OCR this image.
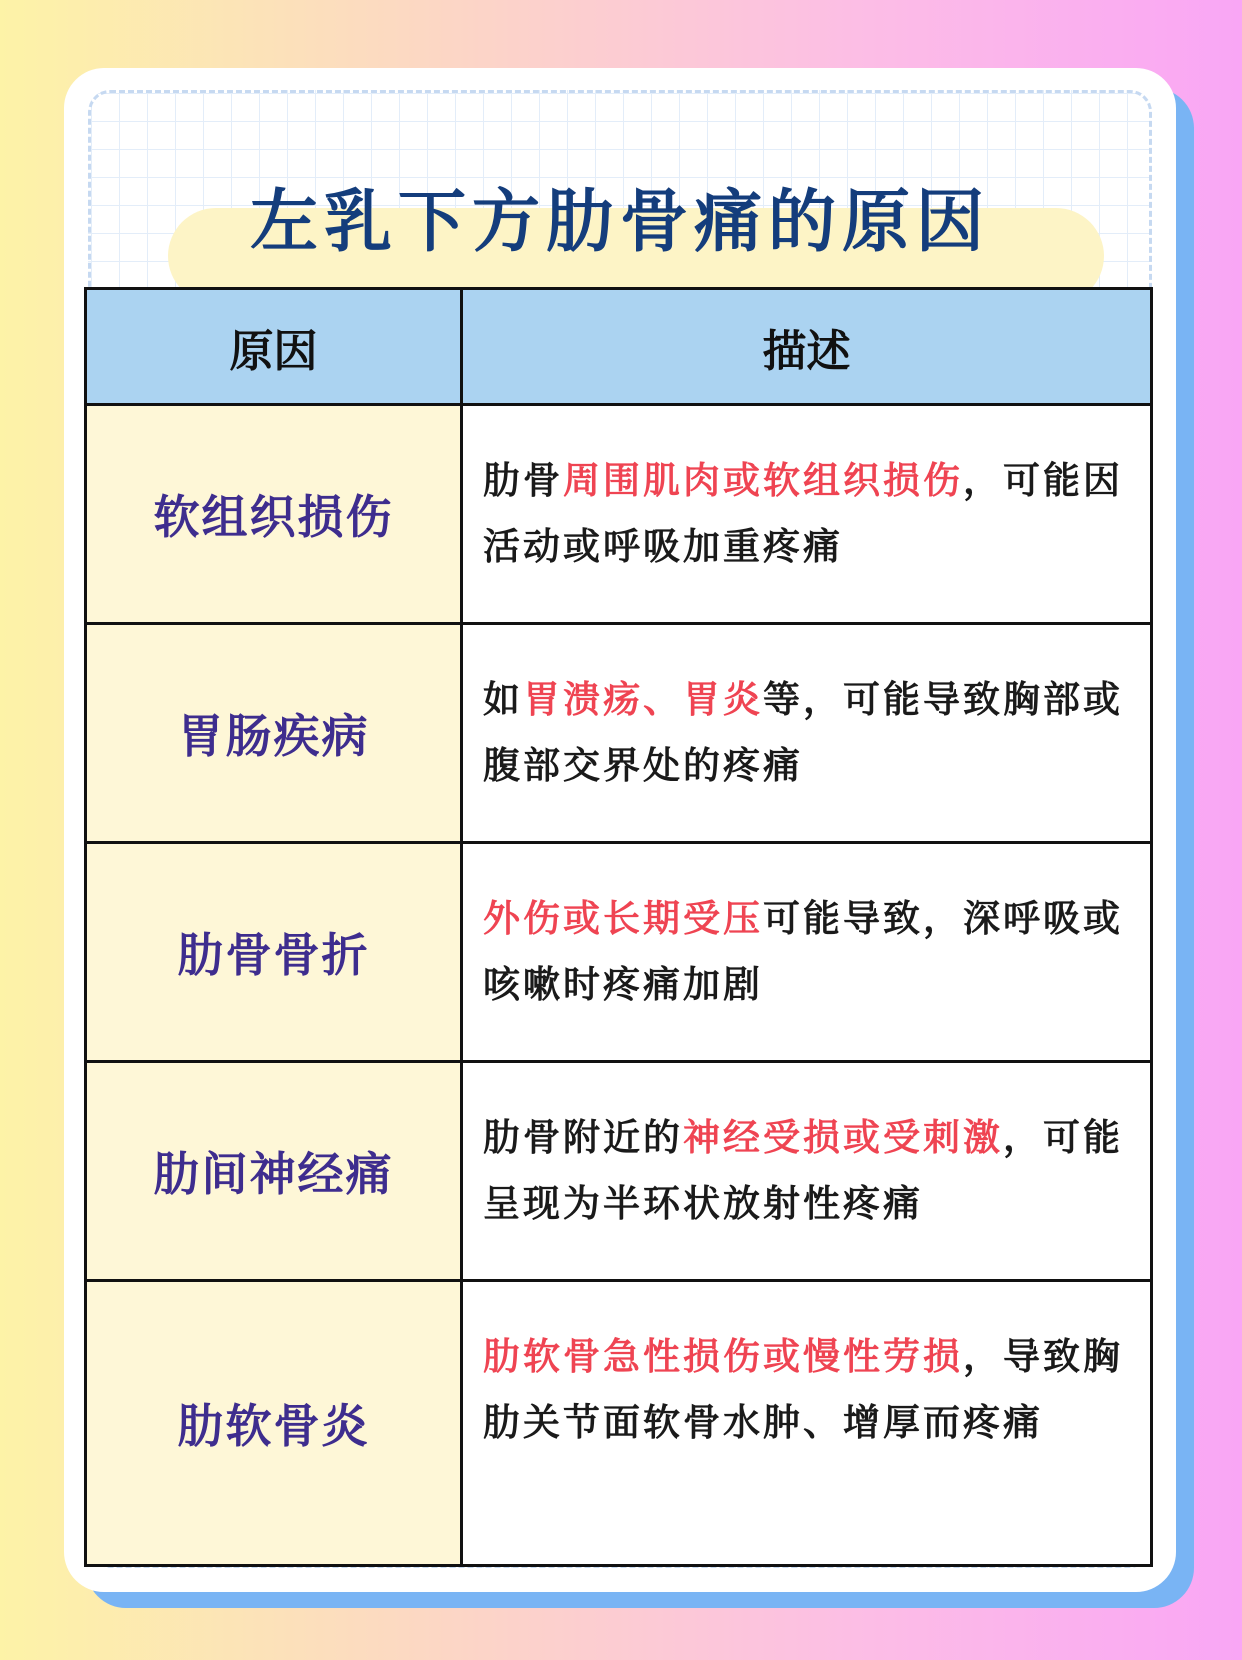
左乳下方肋骨痛的原因
原因	描述
软组织损伤	肋骨周围肌肉或软组织损伤，可能因活动或呼吸加重疼痛
胃肠疾病	如胃溃疡、胃炎等，可能导致胸部或腹部交界处的疼痛
肋骨骨折	外伤或长期受压可能导致，深呼吸或咳嗽时疼痛加剧
肋间神经痛	肋骨附近的神经受损或受刺激，可能呈现为半环状放射性疼痛
肋软骨炎	肋软骨急性损伤或慢性劳损，导致胸肋关节面软骨水肿、增厚而疼痛
